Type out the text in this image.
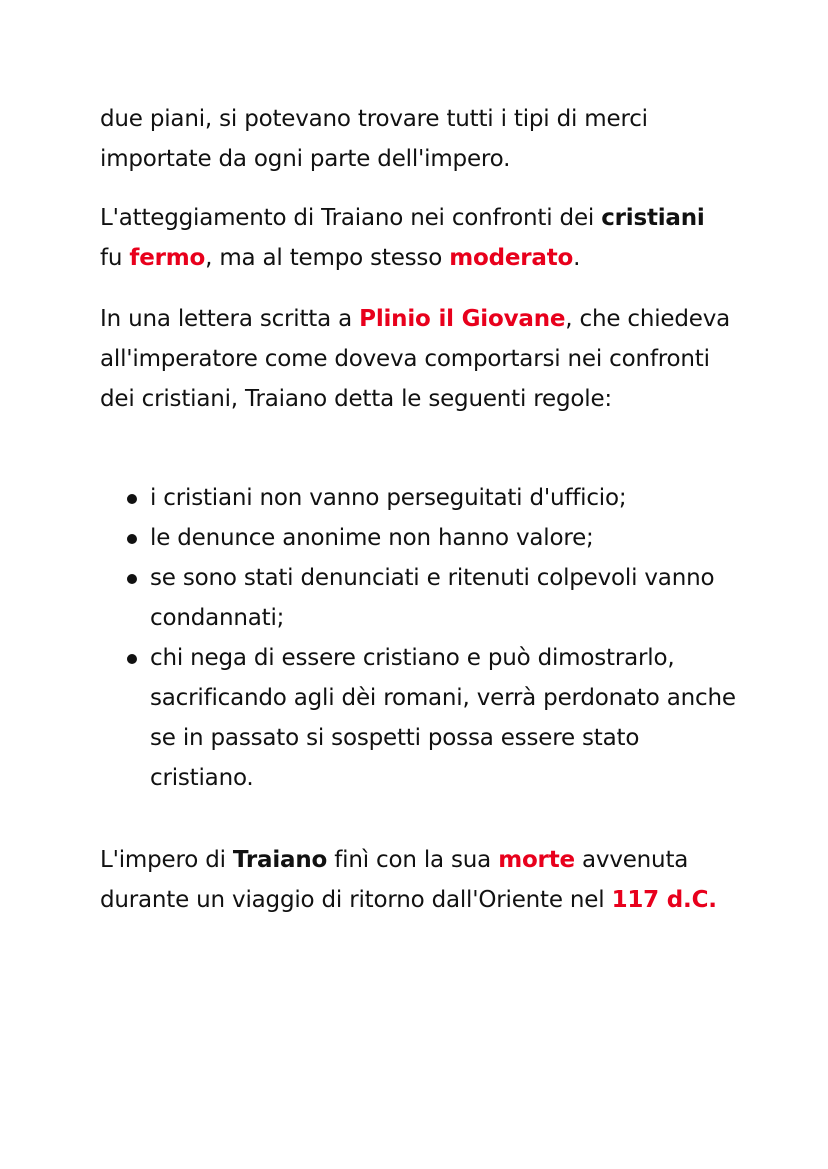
due piani, si potevano trovare tutti i tipi di merci importate da ogni parte dell'impero.

L'atteggiamento di Traiano nei confronti dei cristiani
fu fermo, ma al tempo stesso moderato.

In una lettera scritta a Plinio il Giovane, che chiedeva all'imperatore come doveva comportarsi nei confronti dei cristiani, Traiano detta le seguenti regole:

i cristiani non vanno perseguitati d'ufficio;
le denunce anonime non hanno valore;
se sono stati denunciati e ritenuti colpevoli vanno condannati;
chi nega di essere cristiano e può dimostrarlo, sacrificando agli dèi romani, verrà perdonato anche se in passato si sospetti possa essere stato cristiano.

L'impero di Traiano finì con la sua morte avvenuta durante un viaggio di ritorno dall'Oriente nel 117 d.C.
